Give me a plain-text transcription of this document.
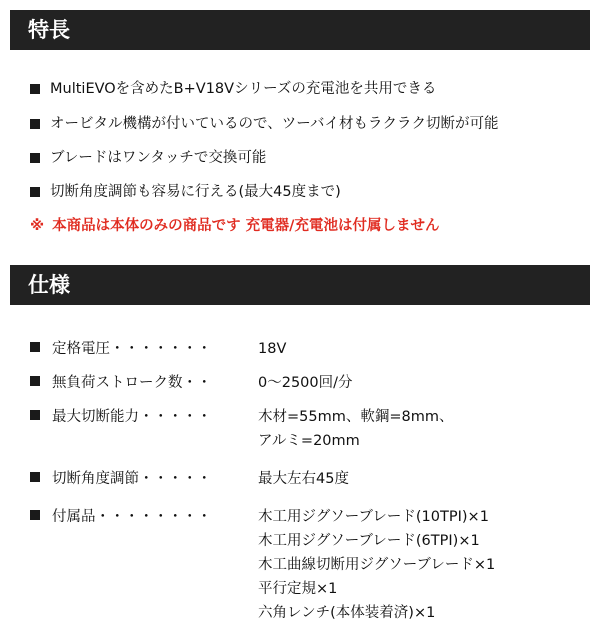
特長
MultiEVOを含めたB+V18Vシリーズの充電池を共用できる
オービタル機構が付いているので、ツーバイ材もラクラク切断が可能
ブレードはワンタッチで交換可能
切断角度調節も容易に行える(最大45度まで)
※ 本商品は本体のみの商品です 充電器/充電池は付属しません
仕様
定格電圧・・・・・・・	18V
無負荷ストローク数・・	0～2500回/分
最大切断能力・・・・・	木材=55mm、軟鋼=8mm、
アルミ=20mm
切断角度調節・・・・・	最大左右45度
付属品・・・・・・・・	木工用ジグソーブレード(10TPI)×1
木工用ジグソーブレード(6TPI)×1
木工曲線切断用ジグソーブレード×1
平行定規×1
六角レンチ(本体装着済)×1
